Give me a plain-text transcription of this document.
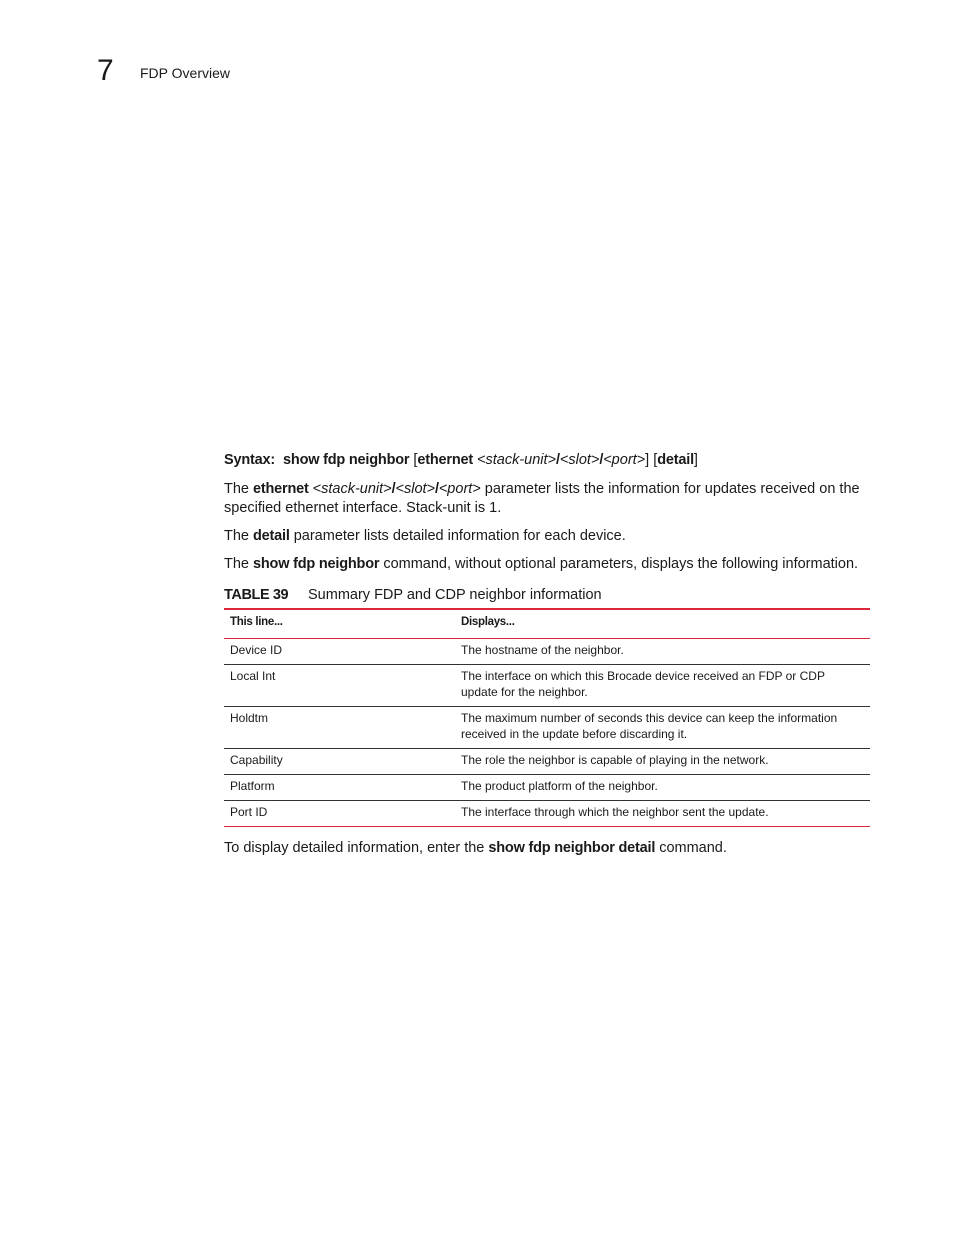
7 FDP Overview

Syntax: show fdp neighbor [ethernet <stack-unit>/<slot>/<port>] [detail]

The ethernet <stack-unit>/<slot>/<port> parameter lists the information for updates received on the specified ethernet interface. Stack-unit is 1.

The detail parameter lists detailed information for each device.

The show fdp neighbor command, without optional parameters, displays the following information.

TABLE 39	Summary FDP and CDP neighbor information
This line...	Displays...
Device ID	The hostname of the neighbor.
Local Int	The interface on which this Brocade device received an FDP or CDP update for the neighbor.
Holdtm	The maximum number of seconds this device can keep the information received in the update before discarding it.
Capability	The role the neighbor is capable of playing in the network.
Platform	The product platform of the neighbor.
Port ID	The interface through which the neighbor sent the update.

To display detailed information, enter the show fdp neighbor detail command.
